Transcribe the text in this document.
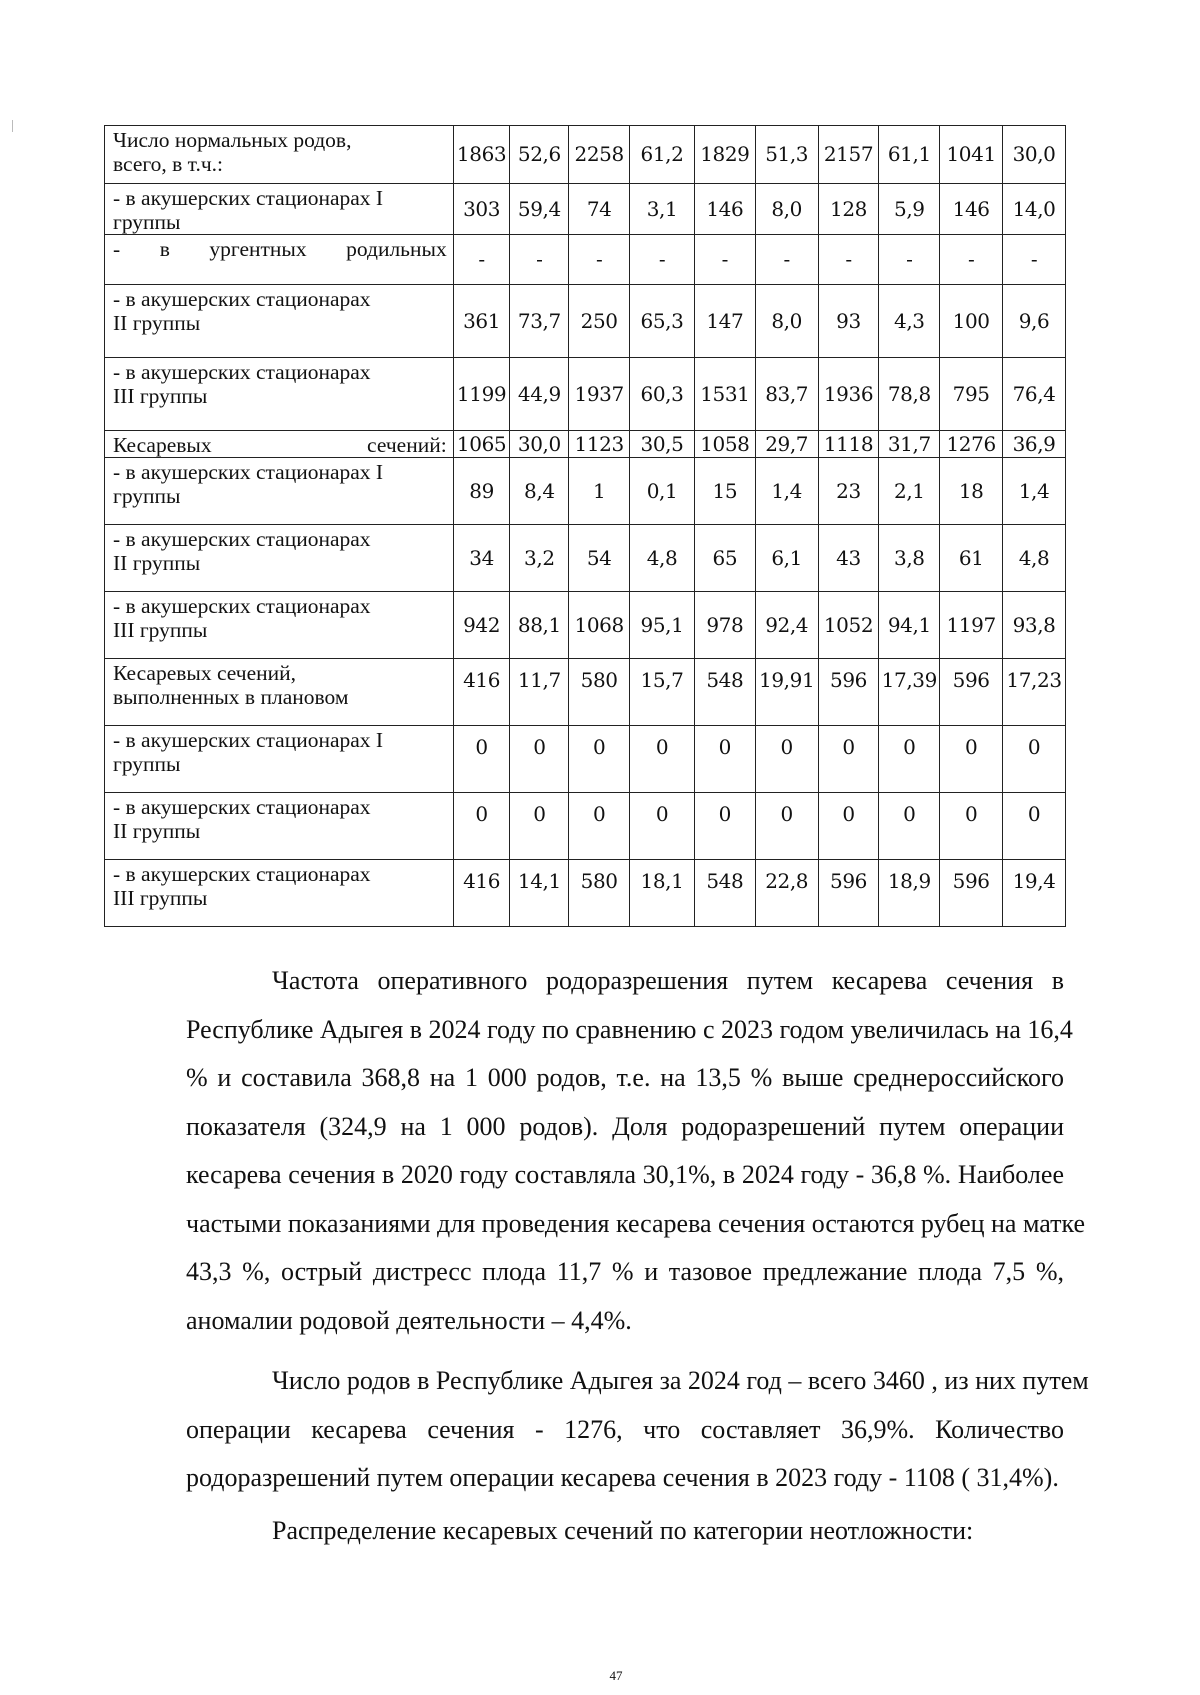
Число нормальных родов,
всего, в т.ч.:	1863	52,6	2258	61,2	1829	51,3	2157	61,1	1041	30,0

- в акушерских стационарах I
группы	303	59,4	74	3,1	146	8,0	128	5,9	146	14,0

- в ургентных родильных	-	-	-	-	-	-	-	-	-	-

- в акушерских стационарах
II группы	361	73,7	250	65,3	147	8,0	93	4,3	100	9,6

- в акушерских стационарах
III группы	1199	44,9	1937	60,3	1531	83,7	1936	78,8	795	76,4

Кесаревых сечений:	1065	30,0	1123	30,5	1058	29,7	1118	31,7	1276	36,9

- в акушерских стационарах I
группы	89	8,4	1	0,1	15	1,4	23	2,1	18	1,4

- в акушерских стационарах
II группы	34	3,2	54	4,8	65	6,1	43	3,8	61	4,8

- в акушерских стационарах
III группы	942	88,1	1068	95,1	978	92,4	1052	94,1	1197	93,8

Кесаревых сечений,
выполненных в плановом	416	11,7	580	15,7	548	19,91	596	17,39	596	17,23

- в акушерских стационарах I
группы	0	0	0	0	0	0	0	0	0	0

- в акушерских стационарах
II группы	0	0	0	0	0	0	0	0	0	0

- в акушерских стационарах
III группы	416	14,1	580	18,1	548	22,8	596	18,9	596	19,4
Частота оперативного родоразрешения путем кесарева сечения в
Республике Адыгея в 2024 году по сравнению с 2023 годом увеличилась на 16,4
% и составила 368,8 на 1 000 родов, т.е. на 13,5 % выше среднероссийского
показателя (324,9 на 1 000 родов). Доля родоразрешений путем операции
кесарева сечения в 2020 году составляла 30,1%, в 2024 году - 36,8 %. Наиболее
частыми показаниями для проведения кесарева сечения остаются рубец на матке
43,3 %, острый дистресс плода 11,7 % и тазовое предлежание плода 7,5 %,
аномалии родовой деятельности – 4,4%.
Число родов в Республике Адыгея за 2024 год – всего 3460 , из них путем
операции кесарева сечения - 1276, что составляет 36,9%. Количество
родоразрешений путем операции кесарева сечения в 2023 году - 1108 ( 31,4%).
Распределение кесаревых сечений по категории неотложности:
47
